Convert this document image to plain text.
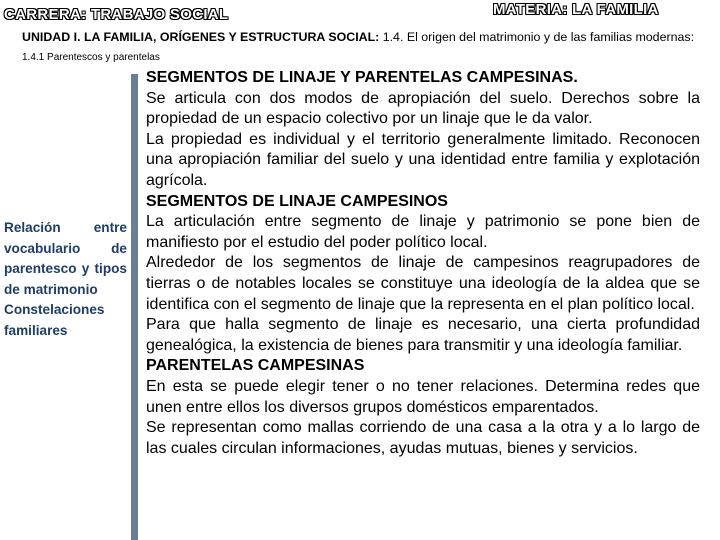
CARRERA: TRABAJO SOCIAL	MATERIA: LA FAMILIA
UNIDAD I. LA FAMILIA, ORÍGENES Y ESTRUCTURA SOCIAL: 1.4. El origen del matrimonio y de las familias modernas: 1.4.1 Parentescos y parentelas
Relación entre vocabulario de parentesco y tipos de matrimonio
Constelaciones familiares

SEGMENTOS DE LINAJE Y PARENTELAS CAMPESINAS.

Se articula con dos modos de apropiación del suelo. Derechos sobre la propiedad de un espacio colectivo por un linaje que le da valor.

La propiedad es individual y el territorio generalmente limitado. Reconocen una apropiación familiar del suelo y una identidad entre familia y explotación agrícola.

SEGMENTOS DE LINAJE CAMPESINOS

La articulación entre segmento de linaje y patrimonio se pone bien de manifiesto por el estudio del poder político local.

Alrededor de los segmentos de linaje de campesinos reagrupadores de tierras o de notables locales se constituye una ideología de la aldea que se identifica con el segmento de linaje que la representa en el plan político local.

Para que halla segmento de linaje es necesario, una cierta profundidad genealógica, la existencia de bienes para transmitir y una ideología familiar.

PARENTELAS CAMPESINAS

En esta se puede elegir tener o no tener relaciones. Determina redes que unen entre ellos los diversos grupos domésticos emparentados.

Se representan como mallas corriendo de una casa a la otra y a lo largo de las cuales circulan informaciones, ayudas mutuas, bienes y servicios.
